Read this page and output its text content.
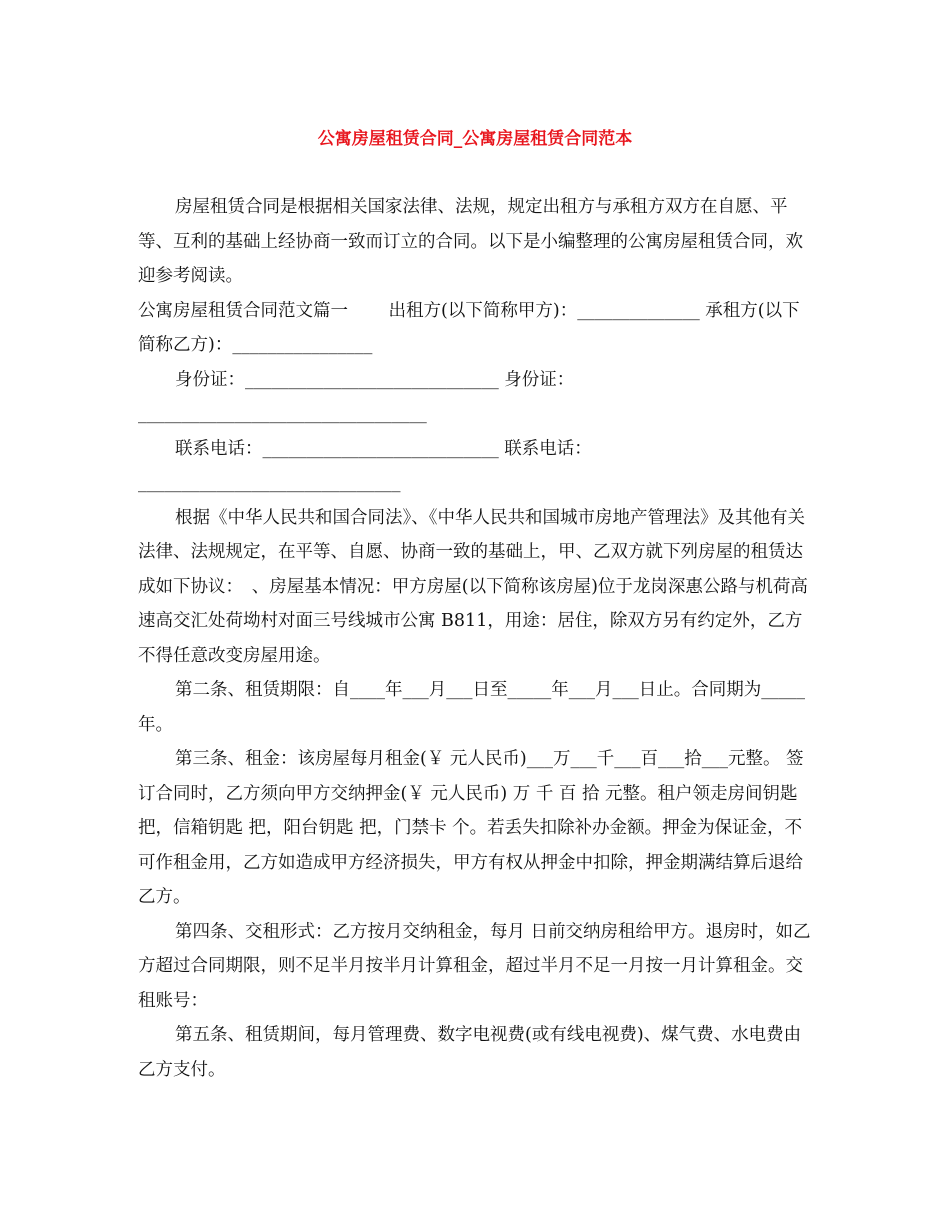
公寓房屋租赁合同_公寓房屋租赁合同范本

房屋租赁合同是根据相关国家法律、法规，规定出租方与承租方双方在自愿、平等、互利的基础上经协商一致而订立的合同。以下是小编整理的公寓房屋租赁合同，欢迎参考阅读。

公寓房屋租赁合同范文篇一　　 出租方(以下简称甲方)：______________ 承租方(以下简称乙方)：________________

身份证：_____________________________ 身份证：_________________________________

联系电话：___________________________ 联系电话：______________________________

根据《中华人民共和国合同法》、《中华人民共和国城市房地产管理法》及其他有关法律、法规规定，在平等、自愿、协商一致的基础上，甲、乙双方就下列房屋的租赁达成如下协议：　、房屋基本情况：甲方房屋(以下简称该房屋)位于龙岗深惠公路与机荷高速高交汇处荷坳村对面三号线城市公寓 B811，用途：居住，除双方另有约定外，乙方不得任意改变房屋用途。

第二条、租赁期限：自____年___月___日至_____年___月___日止。合同期为_____年。

第三条、租金：该房屋每月租金(￥ 元人民币)___万___千___百___拾___元整。 签订合同时，乙方须向甲方交纳押金(￥ 元人民币) 万 千 百 拾 元整。租户领走房间钥匙 把，信箱钥匙 把，阳台钥匙 把，门禁卡 个。若丢失扣除补办金额。押金为保证金，不可作租金用，乙方如造成甲方经济损失，甲方有权从押金中扣除，押金期满结算后退给乙方。

第四条、交租形式：乙方按月交纳租金，每月 日前交纳房租给甲方。退房时，如乙方超过合同期限，则不足半月按半月计算租金，超过半月不足一月按一月计算租金。交租账号：

第五条、租赁期间，每月管理费、数字电视费(或有线电视费)、煤气费、水电费由乙方支付。
